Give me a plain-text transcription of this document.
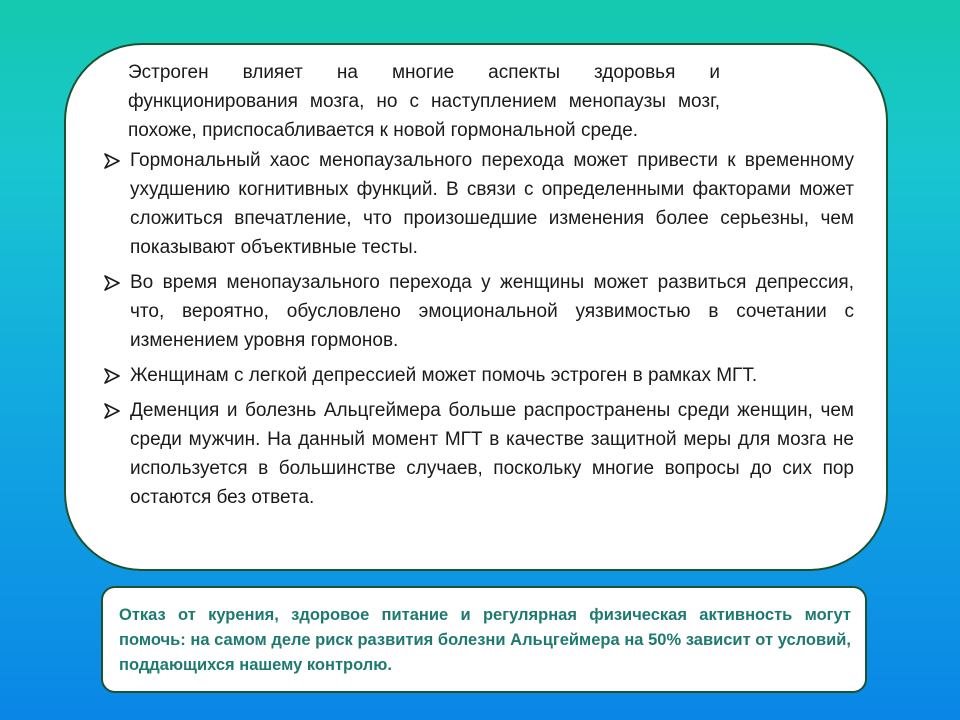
Эстроген влияет на многие аспекты здоровья и функционирования мозга, но с наступлением менопаузы мозг, похоже, приспосабливается к новой гормональной среде.

Гормональный хаос менопаузального перехода может привести к временному ухудшению когнитивных функций. В связи с определенными факторами может сложиться впечатление, что произошедшие изменения более серьезны, чем показывают объективные тесты.
Во время менопаузального перехода у женщины может развиться депрессия, что, вероятно, обусловлено эмоциональной уязвимостью в сочетании с изменением уровня гормонов.
Женщинам с легкой депрессией может помочь эстроген в рамках МГТ.
Деменция и болезнь Альцгеймера больше распространены среди женщин, чем среди мужчин. На данный момент МГТ в качестве защитной меры для мозга не используется в большинстве случаев, поскольку многие вопросы до сих пор остаются без ответа.

Отказ от курения, здоровое питание и регулярная физическая активность могут помочь: на самом деле риск развития болезни Альцгеймера на 50% зависит от условий, поддающихся нашему контролю.
